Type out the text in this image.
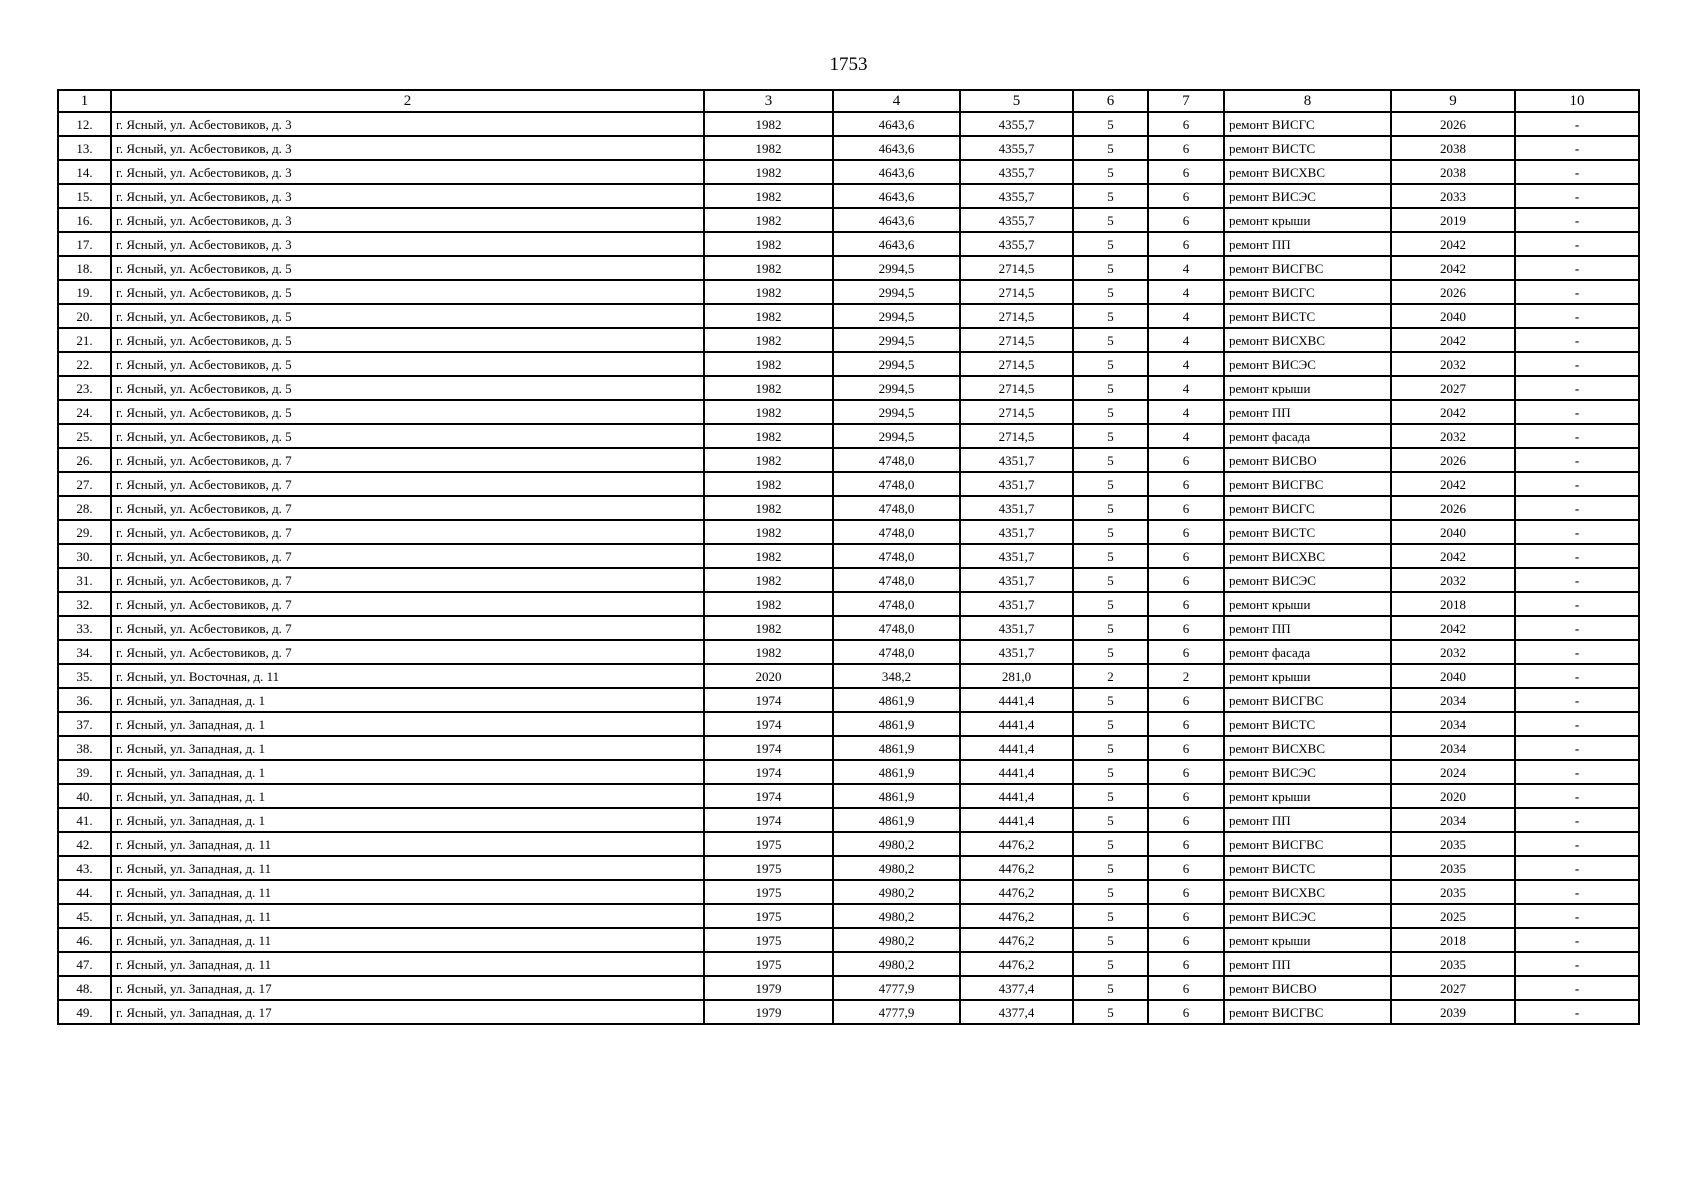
1753
1	2	3	4	5	6	7	8	9	10
12.	г. Ясный, ул. Асбестовиков, д. 3	1982	4643,6	4355,7	5	6	ремонт ВИСГС	2026	-
13.	г. Ясный, ул. Асбестовиков, д. 3	1982	4643,6	4355,7	5	6	ремонт ВИСТС	2038	-
14.	г. Ясный, ул. Асбестовиков, д. 3	1982	4643,6	4355,7	5	6	ремонт ВИСХВС	2038	-
15.	г. Ясный, ул. Асбестовиков, д. 3	1982	4643,6	4355,7	5	6	ремонт ВИСЭС	2033	-
16.	г. Ясный, ул. Асбестовиков, д. 3	1982	4643,6	4355,7	5	6	ремонт крыши	2019	-
17.	г. Ясный, ул. Асбестовиков, д. 3	1982	4643,6	4355,7	5	6	ремонт ПП	2042	-
18.	г. Ясный, ул. Асбестовиков, д. 5	1982	2994,5	2714,5	5	4	ремонт ВИСГВС	2042	-
19.	г. Ясный, ул. Асбестовиков, д. 5	1982	2994,5	2714,5	5	4	ремонт ВИСГС	2026	-
20.	г. Ясный, ул. Асбестовиков, д. 5	1982	2994,5	2714,5	5	4	ремонт ВИСТС	2040	-
21.	г. Ясный, ул. Асбестовиков, д. 5	1982	2994,5	2714,5	5	4	ремонт ВИСХВС	2042	-
22.	г. Ясный, ул. Асбестовиков, д. 5	1982	2994,5	2714,5	5	4	ремонт ВИСЭС	2032	-
23.	г. Ясный, ул. Асбестовиков, д. 5	1982	2994,5	2714,5	5	4	ремонт крыши	2027	-
24.	г. Ясный, ул. Асбестовиков, д. 5	1982	2994,5	2714,5	5	4	ремонт ПП	2042	-
25.	г. Ясный, ул. Асбестовиков, д. 5	1982	2994,5	2714,5	5	4	ремонт фасада	2032	-
26.	г. Ясный, ул. Асбестовиков, д. 7	1982	4748,0	4351,7	5	6	ремонт ВИСВО	2026	-
27.	г. Ясный, ул. Асбестовиков, д. 7	1982	4748,0	4351,7	5	6	ремонт ВИСГВС	2042	-
28.	г. Ясный, ул. Асбестовиков, д. 7	1982	4748,0	4351,7	5	6	ремонт ВИСГС	2026	-
29.	г. Ясный, ул. Асбестовиков, д. 7	1982	4748,0	4351,7	5	6	ремонт ВИСТС	2040	-
30.	г. Ясный, ул. Асбестовиков, д. 7	1982	4748,0	4351,7	5	6	ремонт ВИСХВС	2042	-
31.	г. Ясный, ул. Асбестовиков, д. 7	1982	4748,0	4351,7	5	6	ремонт ВИСЭС	2032	-
32.	г. Ясный, ул. Асбестовиков, д. 7	1982	4748,0	4351,7	5	6	ремонт крыши	2018	-
33.	г. Ясный, ул. Асбестовиков, д. 7	1982	4748,0	4351,7	5	6	ремонт ПП	2042	-
34.	г. Ясный, ул. Асбестовиков, д. 7	1982	4748,0	4351,7	5	6	ремонт фасада	2032	-
35.	г. Ясный, ул. Восточная, д. 11	2020	348,2	281,0	2	2	ремонт крыши	2040	-
36.	г. Ясный, ул. Западная, д. 1	1974	4861,9	4441,4	5	6	ремонт ВИСГВС	2034	-
37.	г. Ясный, ул. Западная, д. 1	1974	4861,9	4441,4	5	6	ремонт ВИСТС	2034	-
38.	г. Ясный, ул. Западная, д. 1	1974	4861,9	4441,4	5	6	ремонт ВИСХВС	2034	-
39.	г. Ясный, ул. Западная, д. 1	1974	4861,9	4441,4	5	6	ремонт ВИСЭС	2024	-
40.	г. Ясный, ул. Западная, д. 1	1974	4861,9	4441,4	5	6	ремонт крыши	2020	-
41.	г. Ясный, ул. Западная, д. 1	1974	4861,9	4441,4	5	6	ремонт ПП	2034	-
42.	г. Ясный, ул. Западная, д. 11	1975	4980,2	4476,2	5	6	ремонт ВИСГВС	2035	-
43.	г. Ясный, ул. Западная, д. 11	1975	4980,2	4476,2	5	6	ремонт ВИСТС	2035	-
44.	г. Ясный, ул. Западная, д. 11	1975	4980,2	4476,2	5	6	ремонт ВИСХВС	2035	-
45.	г. Ясный, ул. Западная, д. 11	1975	4980,2	4476,2	5	6	ремонт ВИСЭС	2025	-
46.	г. Ясный, ул. Западная, д. 11	1975	4980,2	4476,2	5	6	ремонт крыши	2018	-
47.	г. Ясный, ул. Западная, д. 11	1975	4980,2	4476,2	5	6	ремонт ПП	2035	-
48.	г. Ясный, ул. Западная, д. 17	1979	4777,9	4377,4	5	6	ремонт ВИСВО	2027	-
49.	г. Ясный, ул. Западная, д. 17	1979	4777,9	4377,4	5	6	ремонт ВИСГВС	2039	-
